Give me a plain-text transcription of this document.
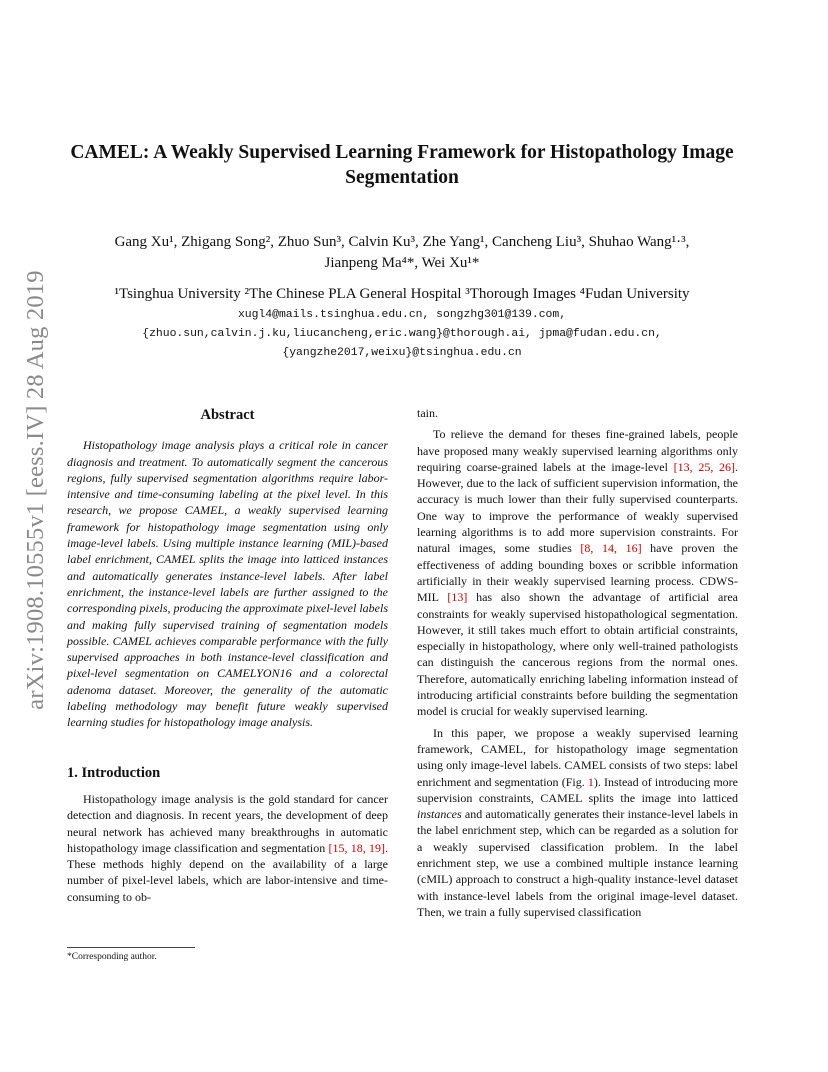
arXiv:1908.10555v1 [eess.IV] 28 Aug 2019
CAMEL: A Weakly Supervised Learning Framework for Histopathology Image
Segmentation
Gang Xu¹, Zhigang Song², Zhuo Sun³, Calvin Ku³, Zhe Yang¹, Cancheng Liu³, Shuhao Wang¹·³,
Jianpeng Ma⁴*, Wei Xu¹*
¹Tsinghua University ²The Chinese PLA General Hospital ³Thorough Images ⁴Fudan University
xugl4@mails.tsinghua.edu.cn, songzhg301@139.com,
{zhuo.sun,calvin.j.ku,liucancheng,eric.wang}@thorough.ai, jpma@fudan.edu.cn,
{yangzhe2017,weixu}@tsinghua.edu.cn
Abstract

Histopathology image analysis plays a critical role in cancer diagnosis and treatment. To automatically segment the cancerous regions, fully supervised segmentation algorithms require labor-intensive and time-consuming labeling at the pixel level. In this research, we propose CAMEL, a weakly supervised learning framework for histopathology image segmentation using only image-level labels. Using multiple instance learning (MIL)-based label enrichment, CAMEL splits the image into latticed instances and automatically generates instance-level labels. After label enrichment, the instance-level labels are further assigned to the corresponding pixels, producing the approximate pixel-level labels and making fully supervised training of segmentation models possible. CAMEL achieves comparable performance with the fully supervised approaches in both instance-level classification and pixel-level segmentation on CAMELYON16 and a colorectal adenoma dataset. Moreover, the generality of the automatic labeling methodology may benefit future weakly supervised learning studies for histopathology image analysis.

1. Introduction

Histopathology image analysis is the gold standard for cancer detection and diagnosis. In recent years, the development of deep neural network has achieved many breakthroughs in automatic histopathology image classification and segmentation [15, 18, 19]. These methods highly depend on the availability of a large number of pixel-level labels, which are labor-intensive and time-consuming to ob-

tain.

To relieve the demand for theses fine-grained labels, people have proposed many weakly supervised learning algorithms only requiring coarse-grained labels at the image-level [13, 25, 26]. However, due to the lack of sufficient supervision information, the accuracy is much lower than their fully supervised counterparts. One way to improve the performance of weakly supervised learning algorithms is to add more supervision constraints. For natural images, some studies [8, 14, 16] have proven the effectiveness of adding bounding boxes or scribble information artificially in their weakly supervised learning process. CDWS-MIL [13] has also shown the advantage of artificial area constraints for weakly supervised histopathological segmentation. However, it still takes much effort to obtain artificial constraints, especially in histopathology, where only well-trained pathologists can distinguish the cancerous regions from the normal ones. Therefore, automatically enriching labeling information instead of introducing artificial constraints before building the segmentation model is crucial for weakly supervised learning.

In this paper, we propose a weakly supervised learning framework, CAMEL, for histopathology image segmentation using only image-level labels. CAMEL consists of two steps: label enrichment and segmentation (Fig. 1). Instead of introducing more supervision constraints, CAMEL splits the image into latticed instances and automatically generates their instance-level labels in the label enrichment step, which can be regarded as a solution for a weakly supervised classification problem. In the label enrichment step, we use a combined multiple instance learning (cMIL) approach to construct a high-quality instance-level dataset with instance-level labels from the original image-level dataset. Then, we train a fully supervised classification

*Corresponding author.
